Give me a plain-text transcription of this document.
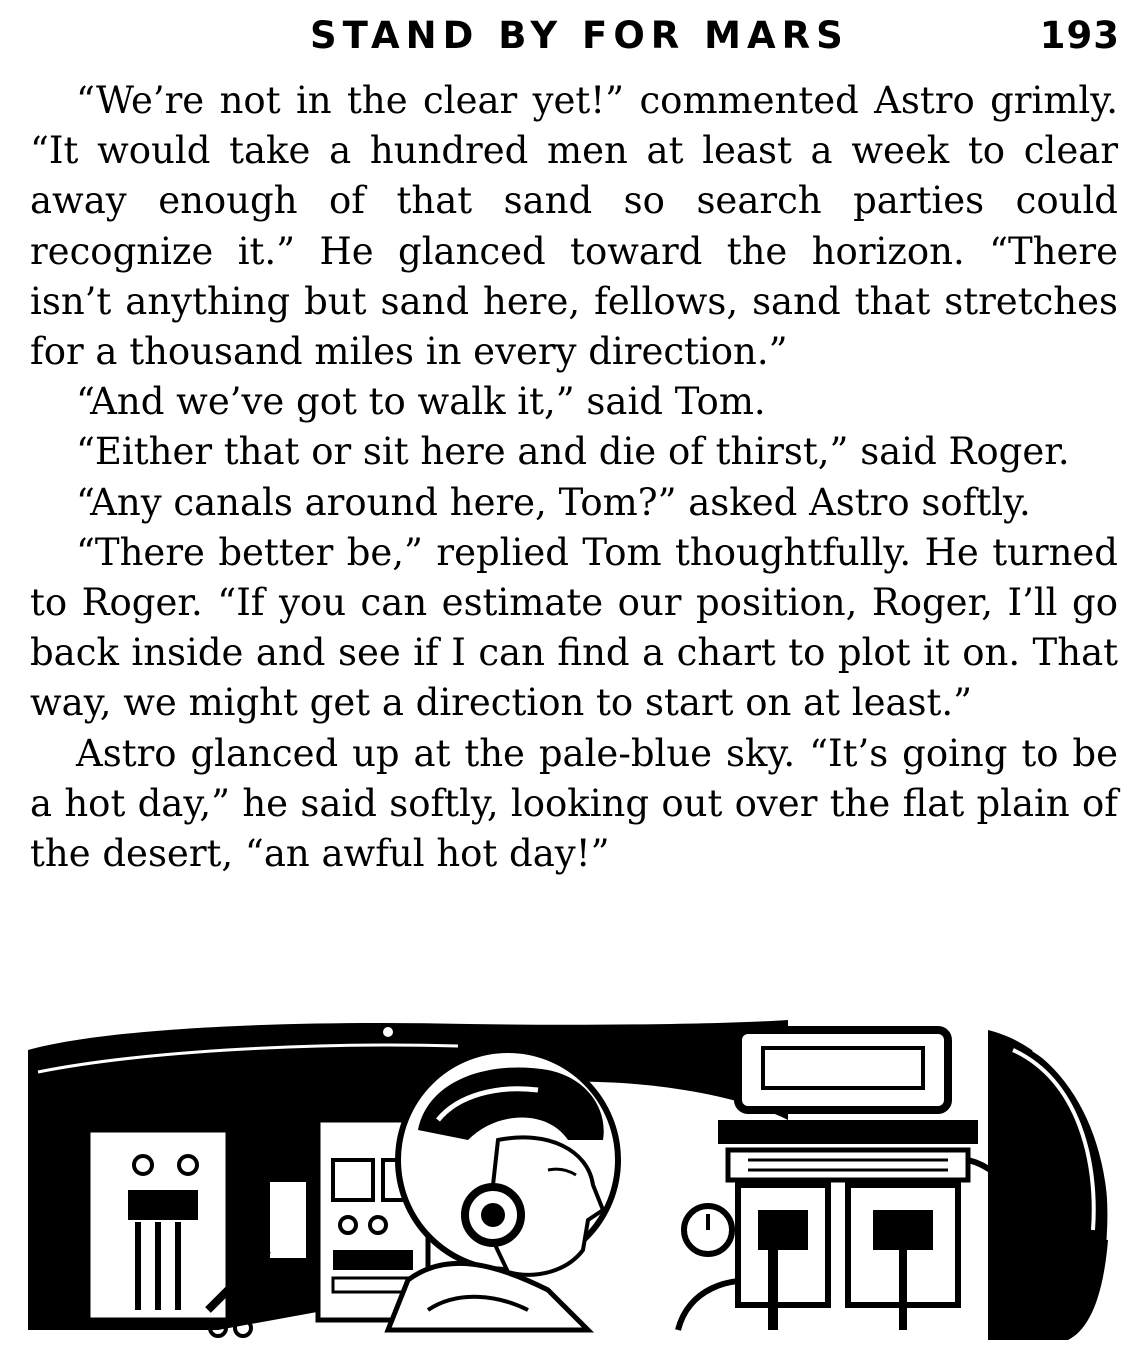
STAND BY FOR MARS	193

“We’re not in the clear yet!” commented Astro grimly. “It would take a hundred men at least a week to clear away enough of that sand so search parties could recognize it.” He glanced toward the horizon. “There isn’t anything but sand here, fellows, sand that stretches for a thousand miles in every direction.”

“And we’ve got to walk it,” said Tom.

“Either that or sit here and die of thirst,” said Roger.

“Any canals around here, Tom?” asked Astro softly.

“There better be,” replied Tom thoughtfully. He turned to Roger. “If you can estimate our position, Roger, I’ll go back inside and see if I can find a chart to plot it on. That way, we might get a direction to start on at least.”

Astro glanced up at the pale-blue sky. “It’s going to be a hot day,” he said softly, looking out over the flat plain of the desert, “an awful hot day!”
